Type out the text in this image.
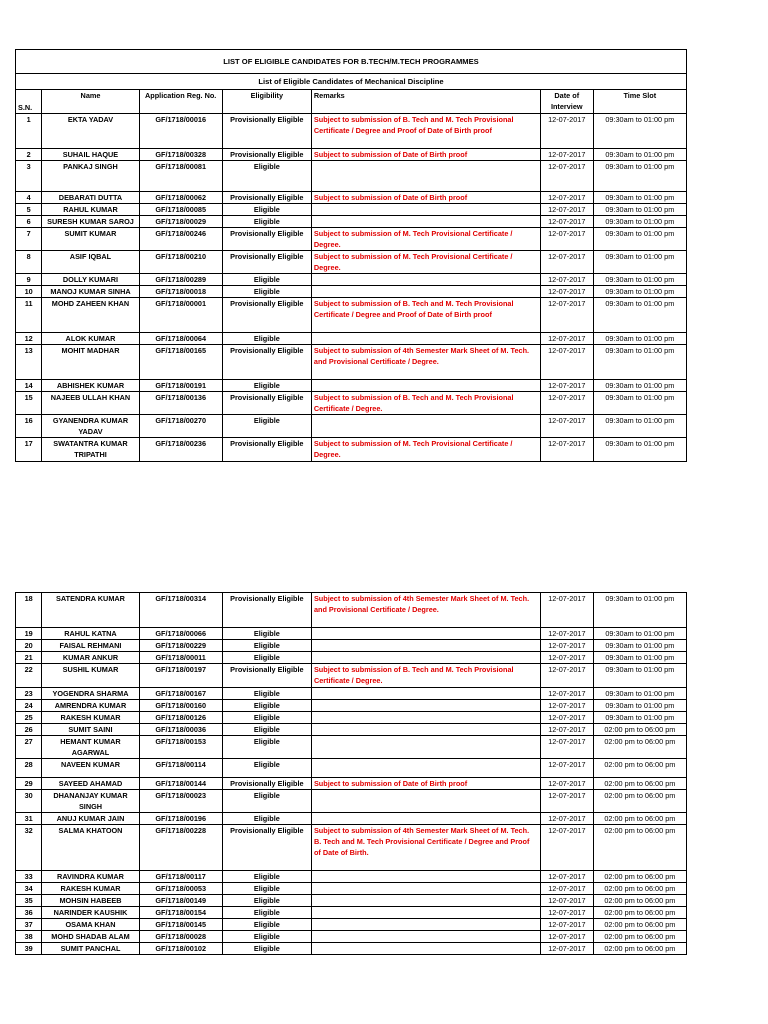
LIST OF ELIGIBLE CANDIDATES FOR B.TECH/M.TECH PROGRAMMES						
List of Eligible Candidates of Mechanical Discipline						
S.N.	Name	Application Reg. No.	Eligibility	Remarks	Date of Interview	Time Slot
1	EKTA YADAV	GF/1718/00016	Provisionally Eligible	Subject to submission of B. Tech and M. Tech Provisional Certificate / Degree and Proof of Date of Birth proof	12-07-2017	09:30am to 01:00 pm
2	SUHAIL HAQUE	GF/1718/00328	Provisionally Eligible	Subject to submission of Date of Birth proof	12-07-2017	09:30am to 01:00 pm
3	PANKAJ SINGH	GF/1718/00081	Eligible		12-07-2017	09:30am to 01:00 pm
4	DEBARATI DUTTA	GF/1718/00062	Provisionally Eligible	Subject to submission of Date of Birth proof	12-07-2017	09:30am to 01:00 pm
5	RAHUL KUMAR	GF/1718/00085	Eligible		12-07-2017	09:30am to 01:00 pm
6	SURESH KUMAR SAROJ	GF/1718/00029	Eligible		12-07-2017	09:30am to 01:00 pm
7	SUMIT KUMAR	GF/1718/00246	Provisionally Eligible	Subject to submission of M. Tech Provisional Certificate / Degree.	12-07-2017	09:30am to 01:00 pm
8	ASIF IQBAL	GF/1718/00210	Provisionally Eligible	Subject to submission of M. Tech Provisional Certificate / Degree.	12-07-2017	09:30am to 01:00 pm
9	DOLLY KUMARI	GF/1718/00289	Eligible		12-07-2017	09:30am to 01:00 pm
10	MANOJ KUMAR SINHA	GF/1718/00018	Eligible		12-07-2017	09:30am to 01:00 pm
11	MOHD ZAHEEN KHAN	GF/1718/00001	Provisionally Eligible	Subject to submission of B. Tech and M. Tech Provisional Certificate / Degree and Proof of Date of Birth proof	12-07-2017	09:30am to 01:00 pm
12	ALOK KUMAR	GF/1718/00064	Eligible		12-07-2017	09:30am to 01:00 pm
13	MOHIT MADHAR	GF/1718/00165	Provisionally Eligible	Subject to submission of 4th Semester Mark Sheet of M. Tech. and Provisional Certificate / Degree.	12-07-2017	09:30am to 01:00 pm
14	ABHISHEK KUMAR	GF/1718/00191	Eligible		12-07-2017	09:30am to 01:00 pm
15	NAJEEB ULLAH KHAN	GF/1718/00136	Provisionally Eligible	Subject to submission of B. Tech and M. Tech Provisional Certificate / Degree.	12-07-2017	09:30am to 01:00 pm
16	GYANENDRA KUMAR YADAV	GF/1718/00270	Eligible		12-07-2017	09:30am to 01:00 pm
17	SWATANTRA KUMAR TRIPATHI	GF/1718/00236	Provisionally Eligible	Subject to submission of M. Tech Provisional Certificate / Degree.	12-07-2017	09:30am to 01:00 pm
18	SATENDRA KUMAR	GF/1718/00314	Provisionally Eligible	Subject to submission of 4th Semester Mark Sheet of M. Tech. and Provisional Certificate / Degree.	12-07-2017	09:30am to 01:00 pm
19	RAHUL KATNA	GF/1718/00066	Eligible		12-07-2017	09:30am to 01:00 pm
20	FAISAL REHMANI	GF/1718/00229	Eligible		12-07-2017	09:30am to 01:00 pm
21	KUMAR ANKUR	GF/1718/00011	Eligible		12-07-2017	09:30am to 01:00 pm
22	SUSHIL KUMAR	GF/1718/00197	Provisionally Eligible	Subject to submission of B. Tech and M. Tech Provisional Certificate / Degree.	12-07-2017	09:30am to 01:00 pm
23	YOGENDRA SHARMA	GF/1718/00167	Eligible		12-07-2017	09:30am to 01:00 pm
24	AMRENDRA KUMAR	GF/1718/00160	Eligible		12-07-2017	09:30am to 01:00 pm
25	RAKESH KUMAR	GF/1718/00126	Eligible		12-07-2017	09:30am to 01:00 pm
26	SUMIT SAINI	GF/1718/00036	Eligible		12-07-2017	02:00 pm to 06:00 pm
27	HEMANT KUMAR AGARWAL	GF/1718/00153	Eligible		12-07-2017	02:00 pm to 06:00 pm
28	NAVEEN KUMAR	GF/1718/00114	Eligible		12-07-2017	02:00 pm to 06:00 pm
29	SAYEED AHAMAD	GF/1718/00144	Provisionally Eligible	Subject to submission of Date of Birth proof	12-07-2017	02:00 pm to 06:00 pm
30	DHANANJAY KUMAR SINGH	GF/1718/00023	Eligible		12-07-2017	02:00 pm to 06:00 pm
31	ANUJ KUMAR JAIN	GF/1718/00196	Eligible		12-07-2017	02:00 pm to 06:00 pm
32	SALMA KHATOON	GF/1718/00228	Provisionally Eligible	Subject to submission of 4th Semester Mark Sheet of M. Tech. B. Tech and M. Tech Provisional Certificate / Degree and Proof of Date of Birth.	12-07-2017	02:00 pm to 06:00 pm
33	RAVINDRA KUMAR	GF/1718/00117	Eligible		12-07-2017	02:00 pm to 06:00 pm
34	RAKESH KUMAR	GF/1718/00053	Eligible		12-07-2017	02:00 pm to 06:00 pm
35	MOHSIN HABEEB	GF/1718/00149	Eligible		12-07-2017	02:00 pm to 06:00 pm
36	NARINDER KAUSHIK	GF/1718/00154	Eligible		12-07-2017	02:00 pm to 06:00 pm
37	OSAMA KHAN	GF/1718/00145	Eligible		12-07-2017	02:00 pm to 06:00 pm
38	MOHD SHADAB ALAM	GF/1718/00028	Eligible		12-07-2017	02:00 pm to 06:00 pm
39	SUMIT PANCHAL	GF/1718/00102	Eligible		12-07-2017	02:00 pm to 06:00 pm
